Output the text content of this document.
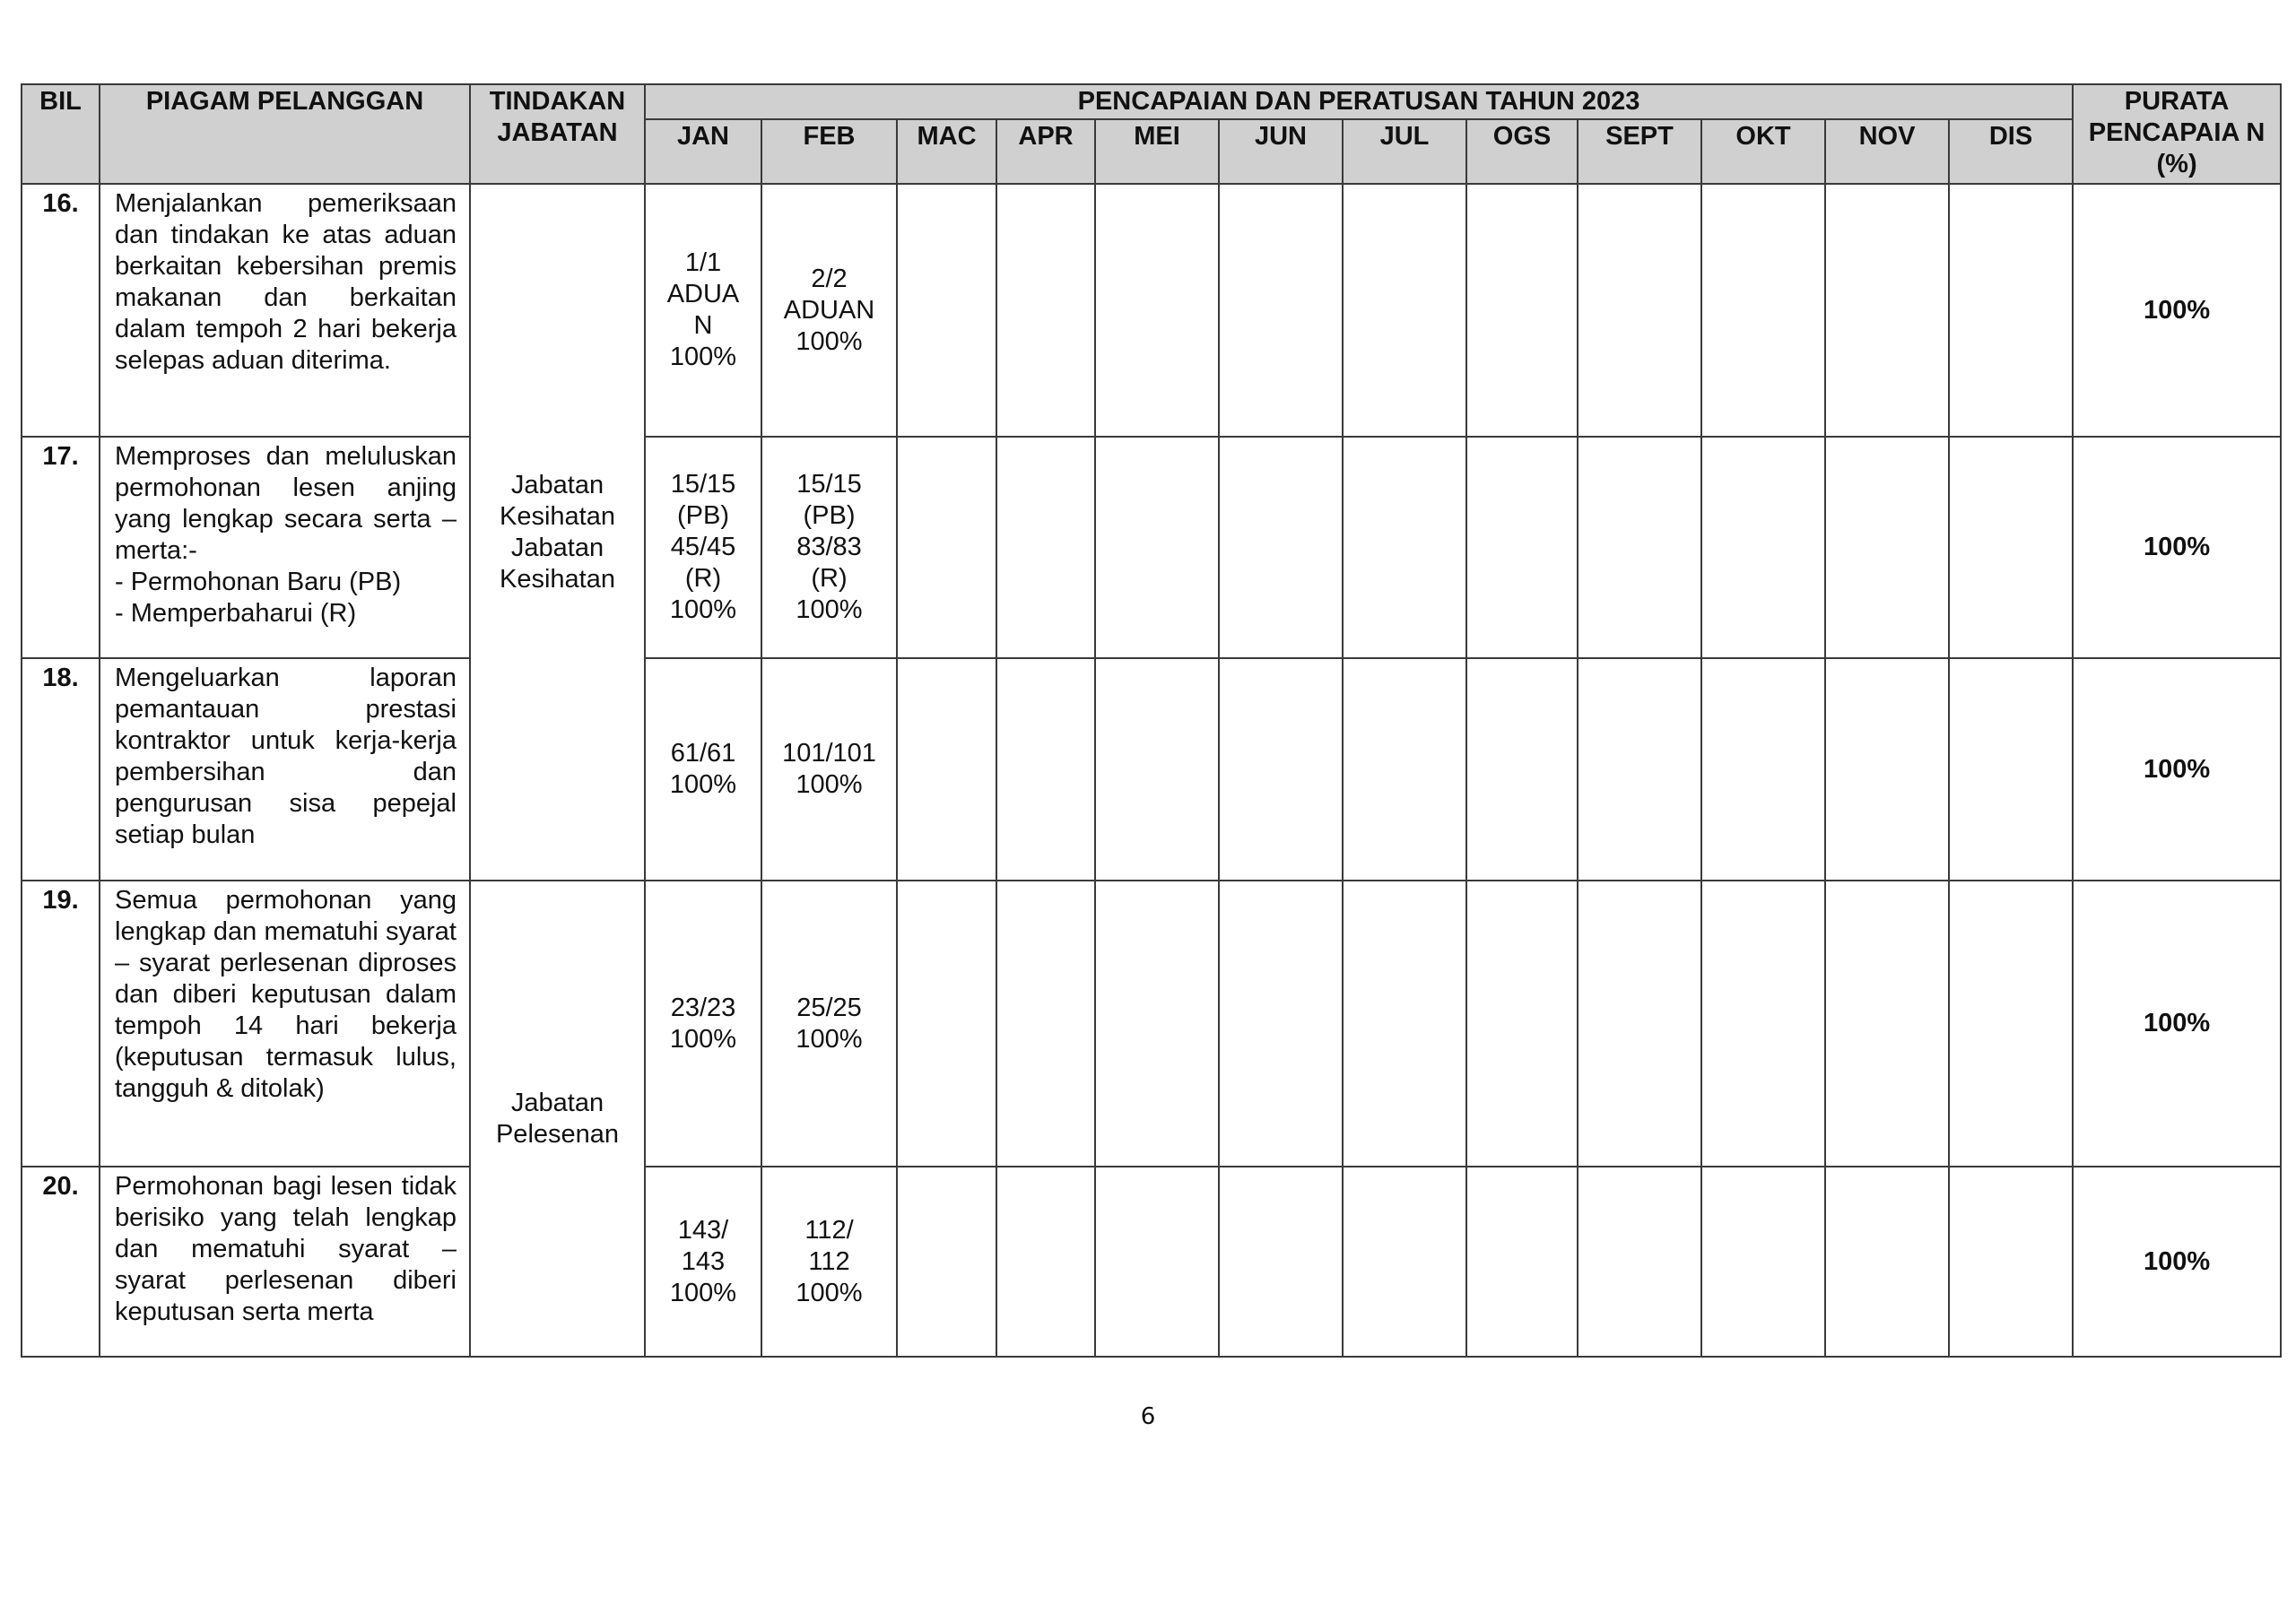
BIL	PIAGAM PELANGGAN	TINDAKAN JABATAN	PENCAPAIAN DAN PERATUSAN TAHUN 2023												PURATA PENCAPAIA N (%)
			JAN	FEB	MAC	APR	MEI	JUN	JUL	OGS	SEPT	OKT	NOV	DIS	
16.	Menjalankan pemeriksaan dan tindakan ke atas aduan berkaitan kebersihan premis makanan dan berkaitan dalam tempoh 2 hari bekerja selepas aduan diterima.	Jabatan
Kesihatan
Jabatan
Kesihatan	1/1
ADUA
N
100%	2/2
ADUAN
100%											100%
17.	Memproses dan meluluskan permohonan lesen anjing yang lengkap secara serta – merta:-
- Permohonan Baru (PB)
- Memperbaharui (R)		15/15
(PB)
45/45
(R)
100%	15/15
(PB)
83/83
(R)
100%											100%
18.	Mengeluarkan laporan pemantauan prestasi kontraktor untuk kerja-kerja pembersihan dan pengurusan sisa pepejal setiap bulan		61/61
100%	101/101
100%											100%
19.	Semua permohonan yang lengkap dan mematuhi syarat – syarat perlesenan diproses dan diberi keputusan dalam tempoh 14 hari bekerja (keputusan termasuk lulus, tangguh & ditolak)	Jabatan
Pelesenan	23/23
100%	25/25
100%											100%
20.	Permohonan bagi lesen tidak berisiko yang telah lengkap dan mematuhi syarat – syarat perlesenan diberi keputusan serta merta		143/
143
100%	112/
112
100%											100%
6
